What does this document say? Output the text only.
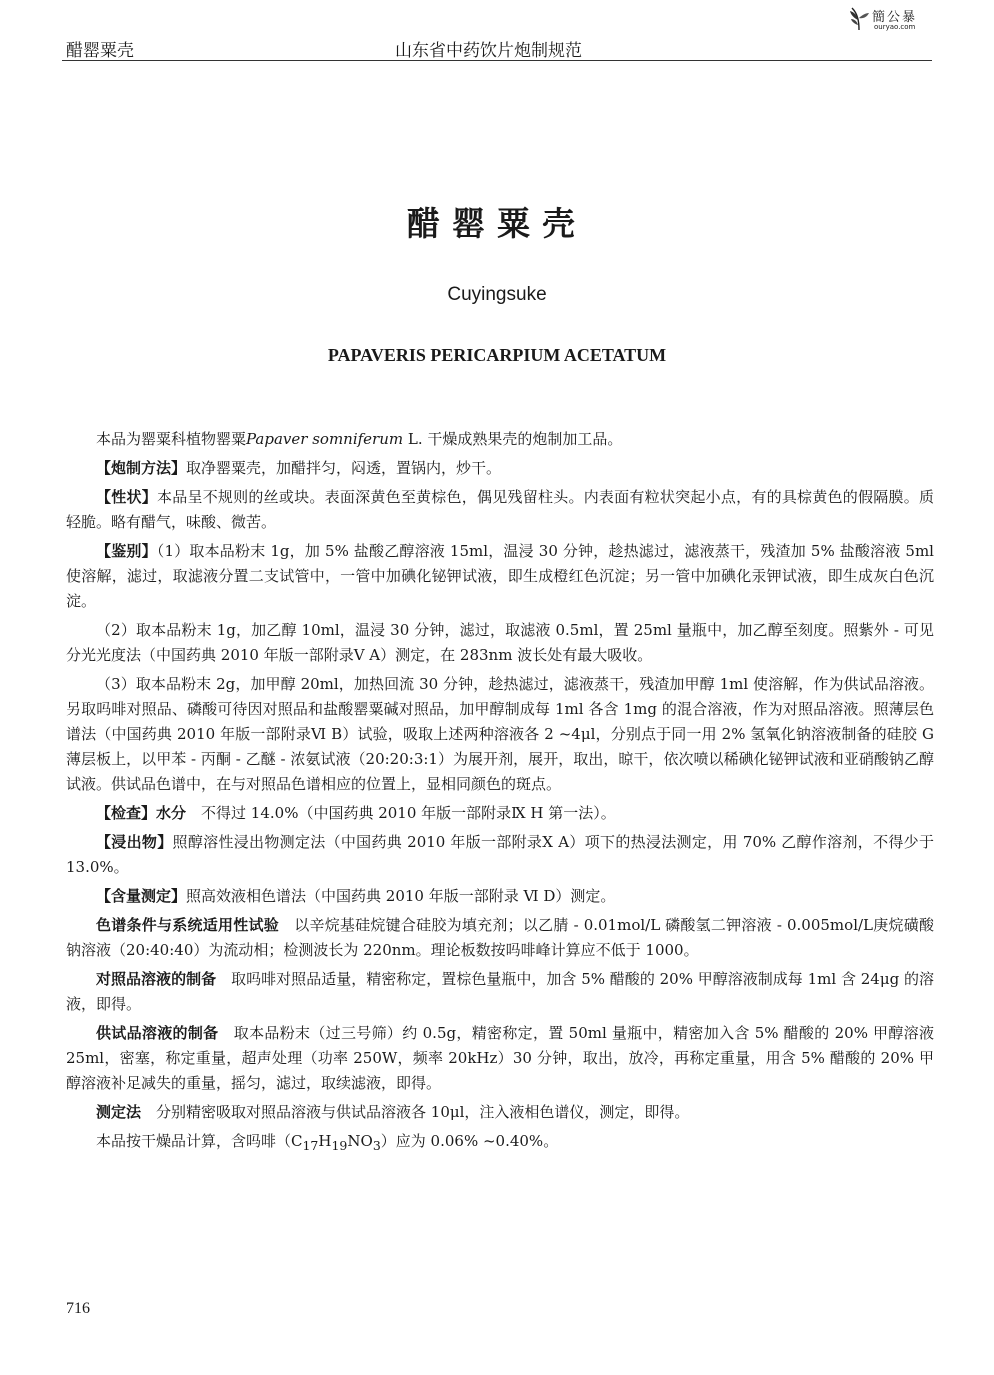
醋罂粟壳	山东省中药饮片炮制规范
簡公暴
ouryao.com
醋罂粟壳
Cuyingsuke
PAPAVERIS PERICARPIUM ACETATUM

本品为罂粟科植物罂粟Papaver somniferum L. 干燥成熟果壳的炮制加工品。

【炮制方法】取净罂粟壳，加醋拌匀，闷透，置锅内，炒干。

【性状】本品呈不规则的丝或块。表面深黄色至黄棕色，偶见残留柱头。内表面有粒状突起小点，有的具棕黄色的假隔膜。质轻脆。略有醋气，味酸、微苦。

【鉴别】（1）取本品粉末 1g，加 5% 盐酸乙醇溶液 15ml，温浸 30 分钟，趁热滤过，滤液蒸干，残渣加 5% 盐酸溶液 5ml 使溶解，滤过，取滤液分置二支试管中，一管中加碘化铋钾试液，即生成橙红色沉淀；另一管中加碘化汞钾试液，即生成灰白色沉淀。

（2）取本品粉末 1g，加乙醇 10ml，温浸 30 分钟，滤过，取滤液 0.5ml，置 25ml 量瓶中，加乙醇至刻度。照紫外 - 可见分光光度法（中国药典 2010 年版一部附录Ⅴ A）测定，在 283nm 波长处有最大吸收。

（3）取本品粉末 2g，加甲醇 20ml，加热回流 30 分钟，趁热滤过，滤液蒸干，残渣加甲醇 1ml 使溶解，作为供试品溶液。另取吗啡对照品、磷酸可待因对照品和盐酸罂粟碱对照品，加甲醇制成每 1ml 各含 1mg 的混合溶液，作为对照品溶液。照薄层色谱法（中国药典 2010 年版一部附录Ⅵ B）试验，吸取上述两种溶液各 2 ~4μl，分别点于同一用 2% 氢氧化钠溶液制备的硅胶 G 薄层板上，以甲苯 - 丙酮 - 乙醚 - 浓氨试液（20:20:3:1）为展开剂，展开，取出，晾干，依次喷以稀碘化铋钾试液和亚硝酸钠乙醇试液。供试品色谱中，在与对照品色谱相应的位置上，显相同颜色的斑点。

【检查】水分　不得过 14.0%（中国药典 2010 年版一部附录Ⅸ H 第一法）。

【浸出物】照醇溶性浸出物测定法（中国药典 2010 年版一部附录Ⅹ A）项下的热浸法测定，用 70% 乙醇作溶剂，不得少于 13.0%。

【含量测定】照高效液相色谱法（中国药典 2010 年版一部附录 Ⅵ D）测定。

色谱条件与系统适用性试验　以辛烷基硅烷键合硅胶为填充剂；以乙腈 - 0.01mol/L 磷酸氢二钾溶液 - 0.005mol/L庚烷磺酸钠溶液（20:40:40）为流动相；检测波长为 220nm。理论板数按吗啡峰计算应不低于 1000。

对照品溶液的制备　取吗啡对照品适量，精密称定，置棕色量瓶中，加含 5% 醋酸的 20% 甲醇溶液制成每 1ml 含 24μg 的溶液，即得。

供试品溶液的制备　取本品粉末（过三号筛）约 0.5g，精密称定，置 50ml 量瓶中，精密加入含 5% 醋酸的 20% 甲醇溶液 25ml，密塞，称定重量，超声处理（功率 250W，频率 20kHz）30 分钟，取出，放冷，再称定重量，用含 5% 醋酸的 20% 甲醇溶液补足减失的重量，摇匀，滤过，取续滤液，即得。

测定法　分别精密吸取对照品溶液与供试品溶液各 10μl，注入液相色谱仪，测定，即得。

本品按干燥品计算，含吗啡$(C_{17}H_{19}NO_3)$应为 0.06% ~0.40%。

716
